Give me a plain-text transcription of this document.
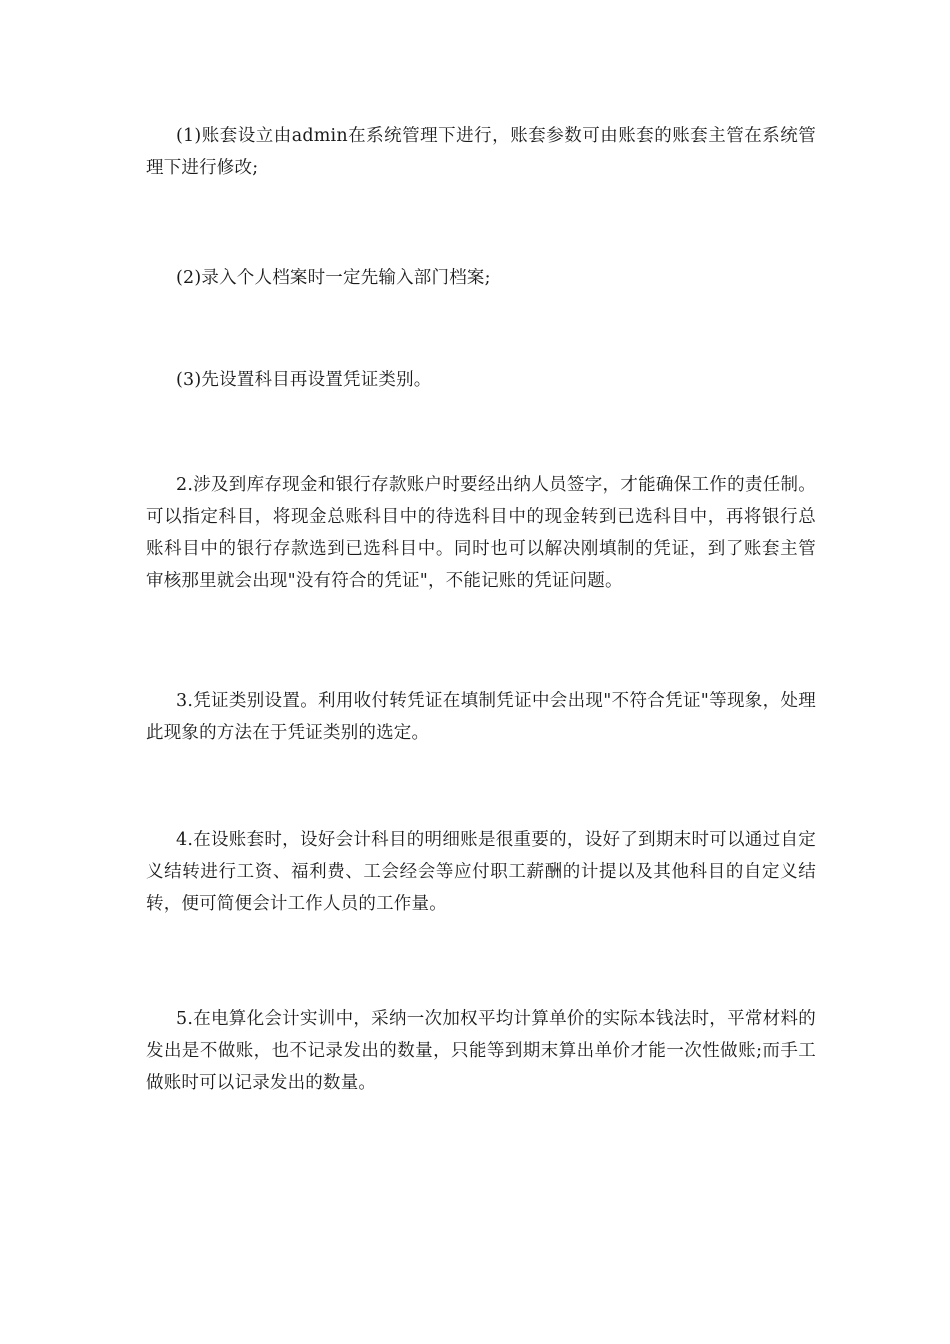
(1)账套设立由admin在系统管理下进行，账套参数可由账套的账套主管在系统管理下进行修改;

(2)录入个人档案时一定先输入部门档案;

(3)先设置科目再设置凭证类别。

2.涉及到库存现金和银行存款账户时要经出纳人员签字，才能确保工作的责任制。可以指定科目，将现金总账科目中的待选科目中的现金转到已选科目中，再将银行总账科目中的银行存款选到已选科目中。同时也可以解决刚填制的凭证，到了账套主管审核那里就会出现"没有符合的凭证"，不能记账的凭证问题。

3.凭证类别设置。利用收付转凭证在填制凭证中会出现"不符合凭证"等现象，处理此现象的方法在于凭证类别的选定。

4.在设账套时，设好会计科目的明细账是很重要的，设好了到期末时可以通过自定义结转进行工资、福利费、工会经会等应付职工薪酬的计提以及其他科目的自定义结转，便可简便会计工作人员的工作量。

5.在电算化会计实训中，采纳一次加权平均计算单价的实际本钱法时，平常材料的发出是不做账，也不记录发出的数量，只能等到期末算出单价才能一次性做账;而手工做账时可以记录发出的数量。
